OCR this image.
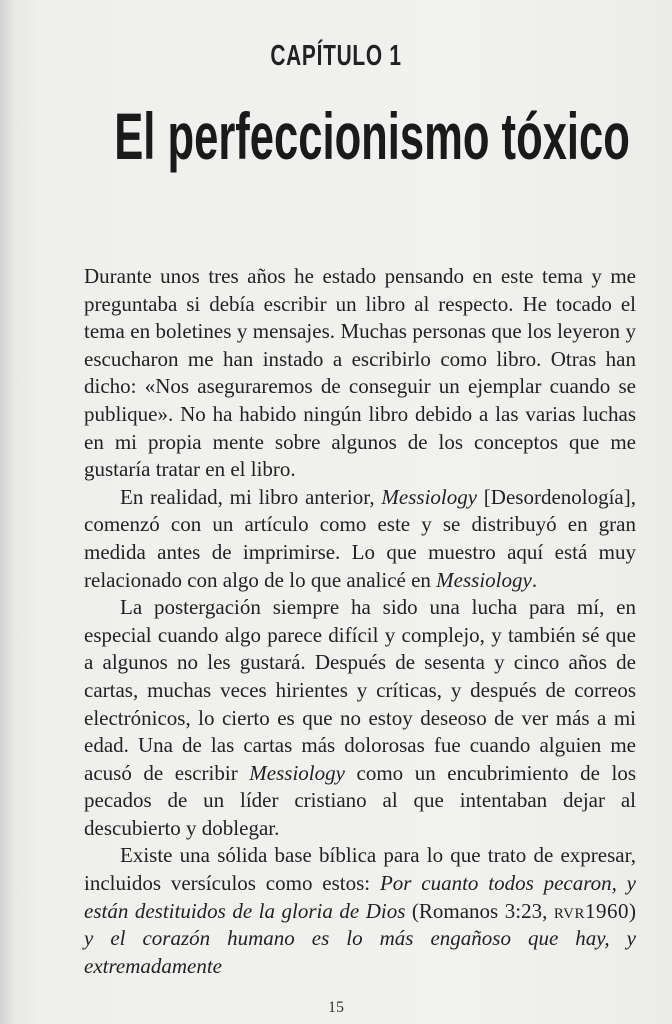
CAPÍTULO 1
El perfeccionismo tóxico

Durante unos tres años he estado pensando en este tema y me preguntaba si debía escribir un libro al respecto. He tocado el tema en boletines y mensajes. Muchas personas que los leyeron y escucharon me han instado a escribirlo como libro. Otras han dicho: «Nos aseguraremos de conseguir un ejemplar cuando se publique». No ha habido ningún libro debido a las varias luchas en mi propia mente sobre algunos de los conceptos que me gustaría tratar en el libro.

En realidad, mi libro anterior, Messiology [Desordenología], comenzó con un artículo como este y se distribuyó en gran medida antes de imprimirse. Lo que muestro aquí está muy relacionado con algo de lo que analicé en Messiology.

La postergación siempre ha sido una lucha para mí, en especial cuando algo parece difícil y complejo, y también sé que a algunos no les gustará. Después de sesenta y cinco años de cartas, muchas veces hirientes y críticas, y después de correos electrónicos, lo cierto es que no estoy deseoso de ver más a mi edad. Una de las cartas más dolorosas fue cuando alguien me acusó de escribir Messiology como un encubrimiento de los pecados de un líder cristiano al que intentaban dejar al descubierto y doblegar.

Existe una sólida base bíblica para lo que trato de expresar, incluidos versículos como estos: Por cuanto todos pecaron, y están destituidos de la gloria de Dios (Romanos 3:23, rvr1960) y el corazón humano es lo más engañoso que hay, y extremadamente

15
